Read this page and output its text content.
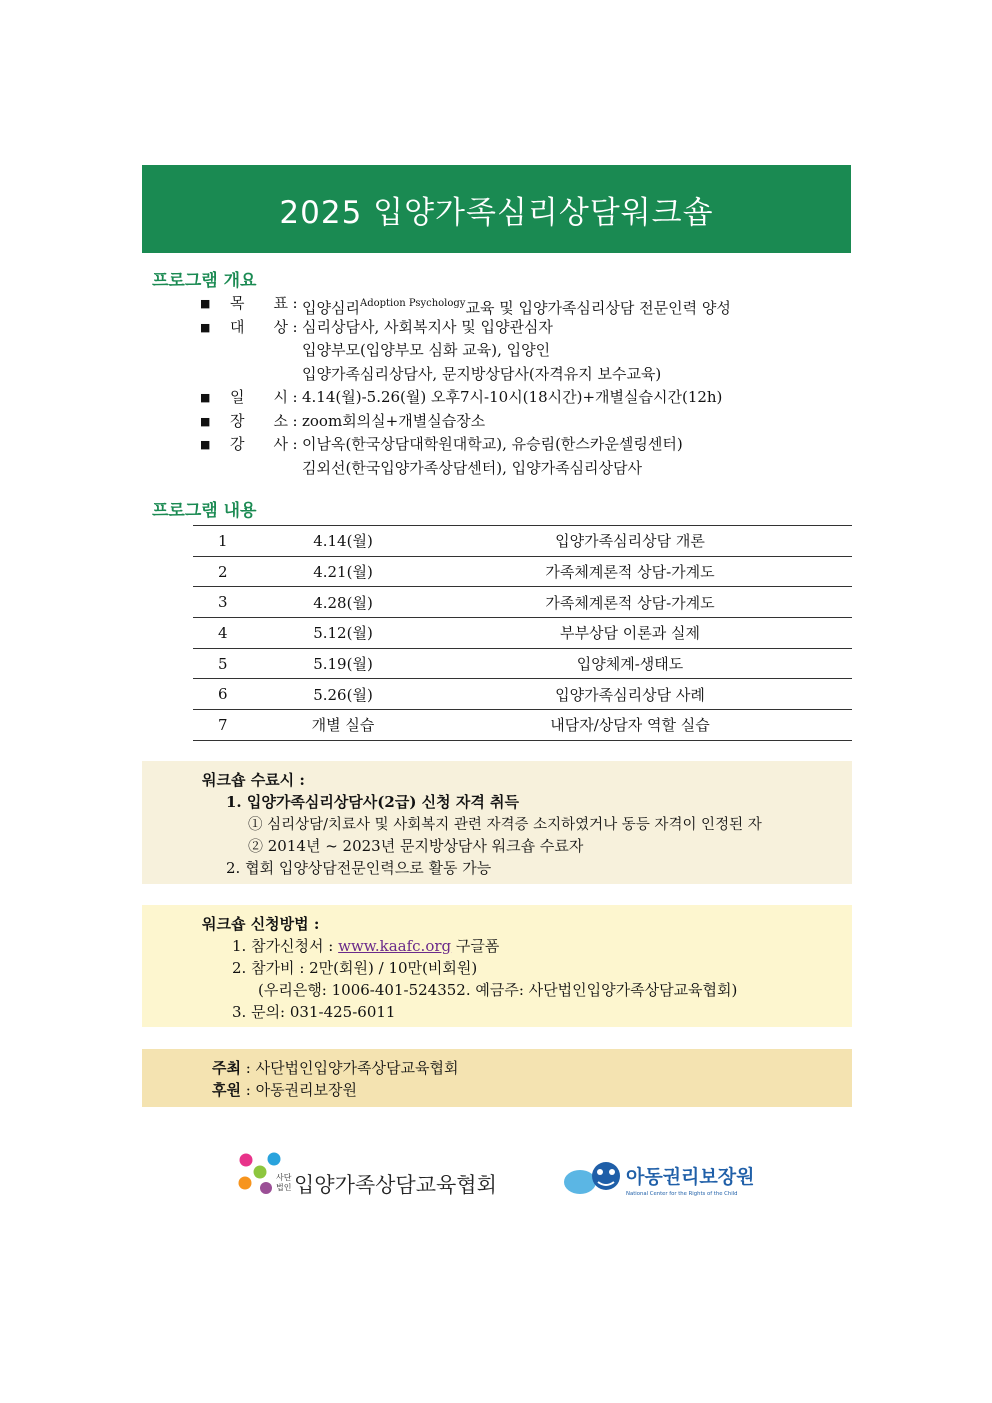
2025 입양가족심리상담워크숍
프로그램 개요
■	목 표 : 입양심리$^{Adoption Psychology}$교육 및 입양가족심리상담 전문인력 양성
■	대 상 : 심리상담사, 사회복지사 및 입양관심자
입양부모(입양부모 심화 교육), 입양인
입양가족심리상담사, 문지방상담사(자격유지 보수교육)
■	일 시 : 4.14(월)-5.26(월) 오후7시-10시(18시간)+개별실습시간(12h)
■	장 소 : zoom회의실+개별실습장소
■	강 사 : 이남옥(한국상담대학원대학교), 유승림(한스카운셀링센터)
김외선(한국입양가족상담센터), 입양가족심리상담사
프로그램 내용
1	4.14(월)	입양가족심리상담 개론
2	4.21(월)	가족체계론적 상담-가계도
3	4.28(월)	가족체계론적 상담-가계도
4	5.12(월)	부부상담 이론과 실제
5	5.19(월)	입양체계-생태도
6	5.26(월)	입양가족심리상담 사례
7	개별 실습	내담자/상담자 역할 실습
워크숍 수료시 :
1. 입양가족심리상담사(2급) 신청 자격 취득
① 심리상담/치료사 및 사회복지 관련 자격증 소지하였거나 동등 자격이 인정된 자
② 2014년 ~ 2023년 문지방상담사 워크숍 수료자
2. 협회 입양상담전문인력으로 활동 가능
워크숍 신청방법 :
1. 참가신청서 : www.kaafc.org 구글폼
2. 참가비 : 2만(회원) / 10만(비회원)
(우리은행: 1006-401-524352. 예금주: 사단법인입양가족상담교육협회)
3. 문의: 031-425-6011
주최 : 사단법인입양가족상담교육협회
후원 : 아동권리보장원
사단
법인 입양가족상담교육협회	아동권리보장원
National Center for the Rights of the Child
